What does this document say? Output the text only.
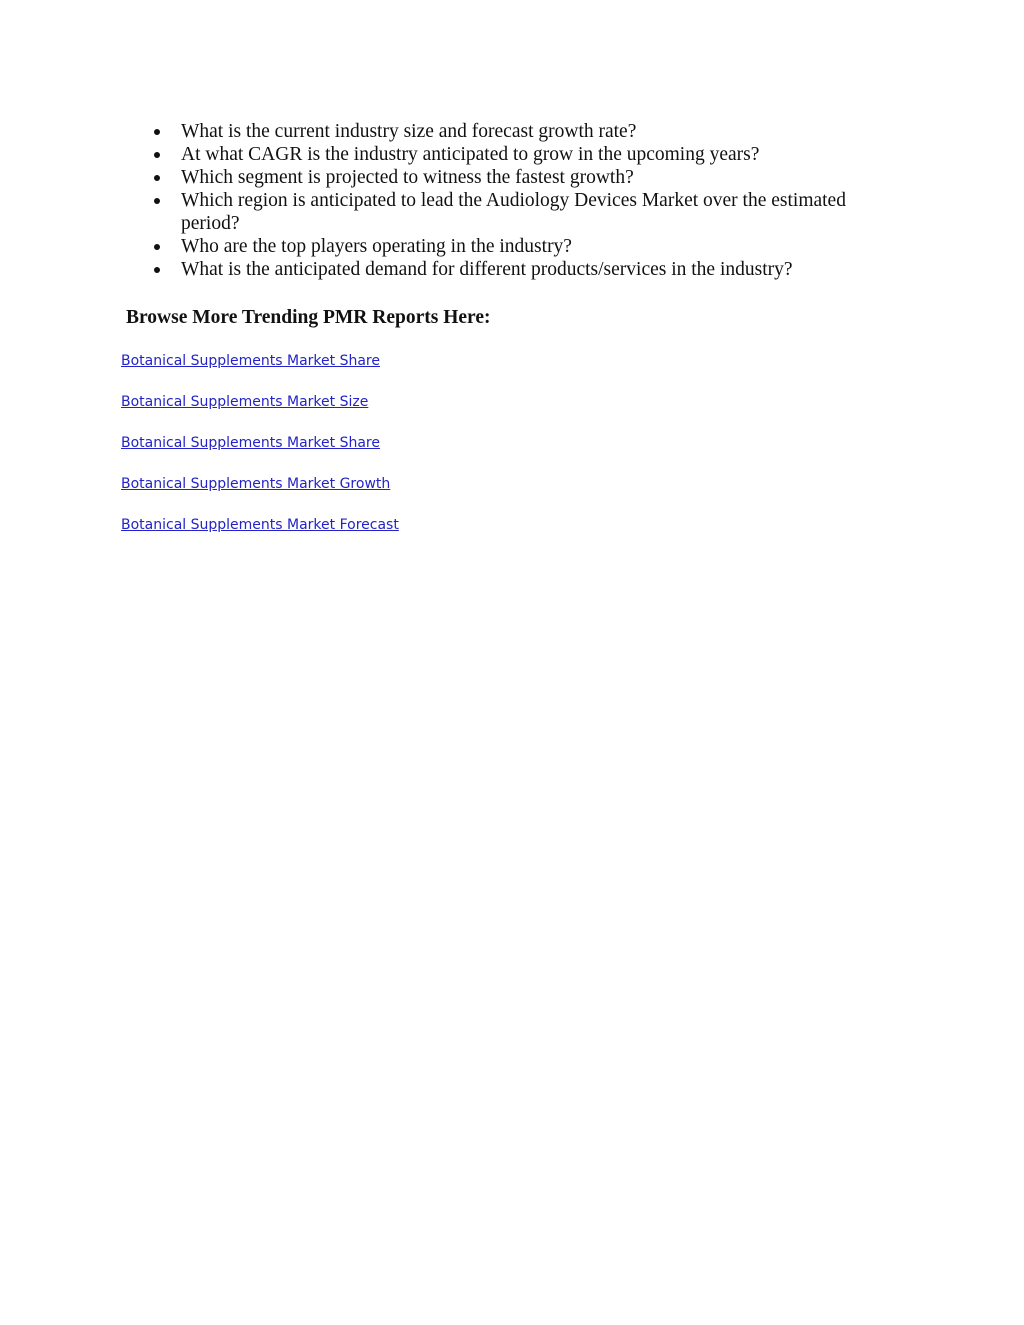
What is the current industry size and forecast growth rate?
At what CAGR is the industry anticipated to grow in the upcoming years?
Which segment is projected to witness the fastest growth?
Which region is anticipated to lead the Audiology Devices Market over the estimated period?
Who are the top players operating in the industry?
What is the anticipated demand for different products/services in the industry?
Browse More Trending PMR Reports Here:
Botanical Supplements Market Share
Botanical Supplements Market Size
Botanical Supplements Market Share
Botanical Supplements Market Growth
Botanical Supplements Market Forecast
